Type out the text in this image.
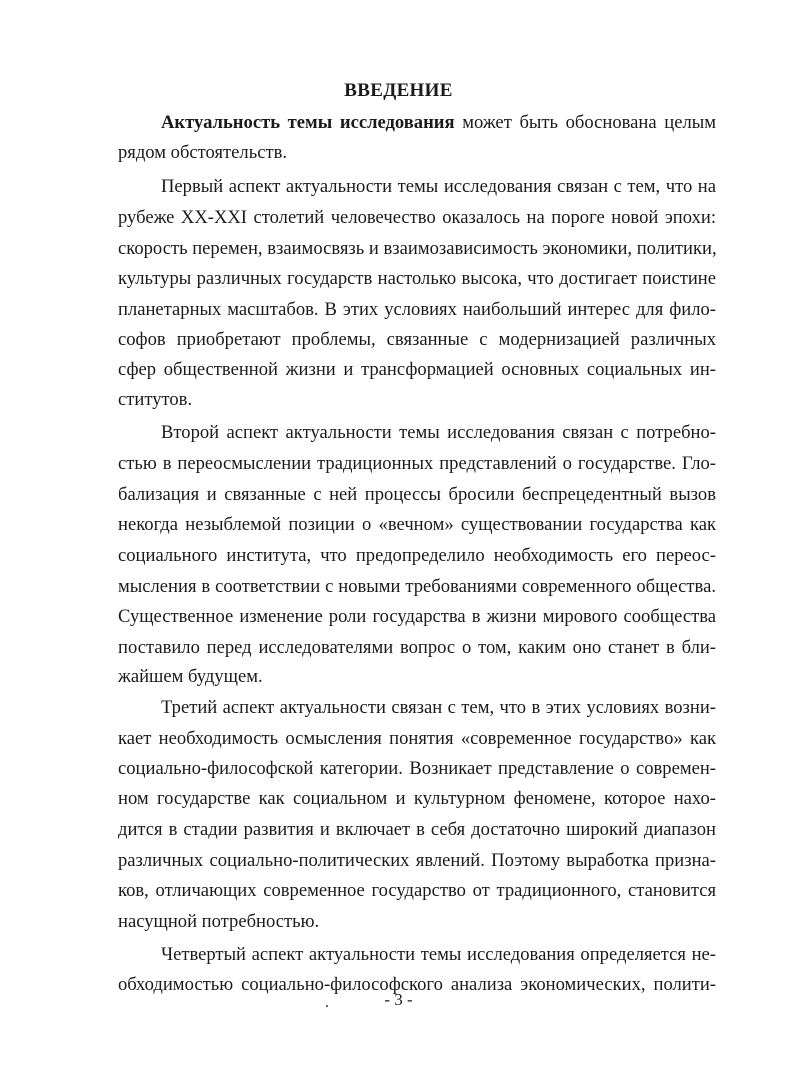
ВВЕДЕНИЕ
Актуальность темы исследования может быть обоснована целым
рядом обстоятельств.
Первый аспект актуальности темы исследования связан с тем, что на
рубеже XX-XXI столетий человечество оказалось на пороге новой эпохи:
скорость перемен, взаимосвязь и взаимозависимость экономики, политики,
культуры различных государств настолько высока, что достигает поистине
планетарных масштабов. В этих условиях наибольший интерес для фило-
софов приобретают проблемы, связанные с модернизацией различных
сфер общественной жизни и трансформацией основных социальных ин-
ститутов.
Второй аспект актуальности темы исследования связан с потребно-
стью в переосмыслении традиционных представлений о государстве. Гло-
бализация и связанные с ней процессы бросили беспрецедентный вызов
некогда незыблемой позиции о «вечном» существовании государства как
социального института, что предопределило необходимость его переос-
мысления в соответствии с новыми требованиями современного общества.
Существенное изменение роли государства в жизни мирового сообщества
поставило перед исследователями вопрос о том, каким оно станет в бли-
жайшем будущем.
Третий аспект актуальности связан с тем, что в этих условиях возни-
кает необходимость осмысления понятия «современное государство» как
социально-философской категории. Возникает представление о современ-
ном государстве как социальном и культурном феномене, которое нахо-
дится в стадии развития и включает в себя достаточно широкий диапазон
различных социально-политических явлений. Поэтому выработка призна-
ков, отличающих современное государство от традиционного, становится
насущной потребностью.
Четвертый аспект актуальности темы исследования определяется не-
обходимостью социально-философского анализа экономических, полити-
- 3 -
